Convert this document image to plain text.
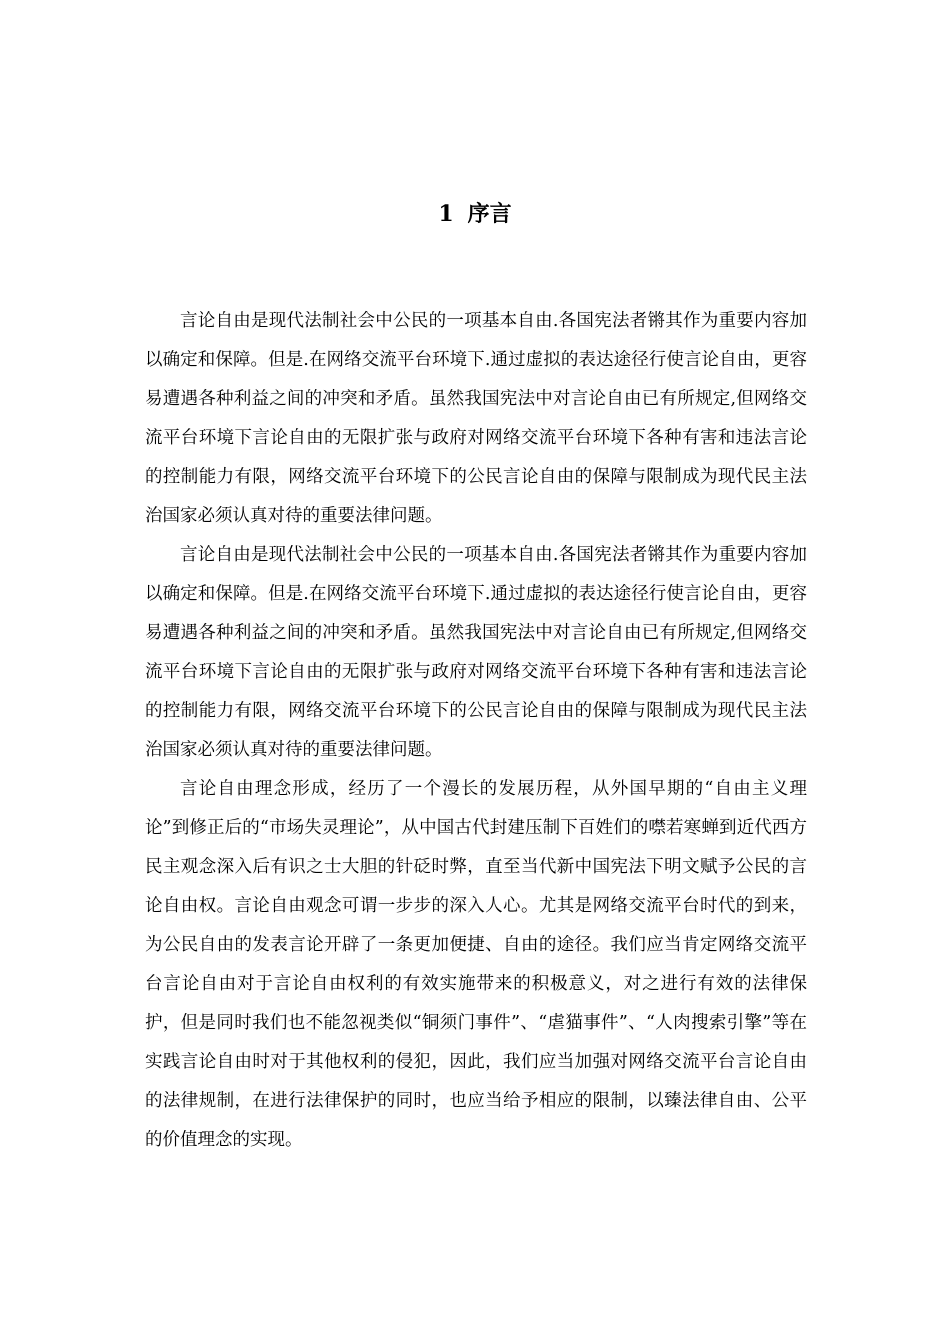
1 序言

言论自由是现代法制社会中公民的一项基本自由.各国宪法者锵其作为重要内容加以确定和保障。但是.在网络交流平台环境下.通过虚拟的表达途径行使言论自由，更容易遭遇各种利益之间的冲突和矛盾。虽然我国宪法中对言论自由已有所规定,但网络交流平台环境下言论自由的无限扩张与政府对网络交流平台环境下各种有害和违法言论的控制能力有限，网络交流平台环境下的公民言论自由的保障与限制成为现代民主法治国家必须认真对待的重要法律问题。

言论自由是现代法制社会中公民的一项基本自由.各国宪法者锵其作为重要内容加以确定和保障。但是.在网络交流平台环境下.通过虚拟的表达途径行使言论自由，更容易遭遇各种利益之间的冲突和矛盾。虽然我国宪法中对言论自由已有所规定,但网络交流平台环境下言论自由的无限扩张与政府对网络交流平台环境下各种有害和违法言论的控制能力有限，网络交流平台环境下的公民言论自由的保障与限制成为现代民主法治国家必须认真对待的重要法律问题。

言论自由理念形成，经历了一个漫长的发展历程，从外国早期的“自由主义理论”到修正后的“市场失灵理论”，从中国古代封建压制下百姓们的噤若寒蝉到近代西方民主观念深入后有识之士大胆的针砭时弊，直至当代新中国宪法下明文赋予公民的言论自由权。言论自由观念可谓一步步的深入人心。尤其是网络交流平台时代的到来，为公民自由的发表言论开辟了一条更加便捷、自由的途径。我们应当肯定网络交流平台言论自由对于言论自由权利的有效实施带来的积极意义，对之进行有效的法律保护，但是同时我们也不能忽视类似“铜须门事件”、“虐猫事件”、“人肉搜索引擎”等在实践言论自由时对于其他权利的侵犯，因此，我们应当加强对网络交流平台言论自由的法律规制，在进行法律保护的同时，也应当给予相应的限制，以臻法律自由、公平的价值理念的实现。
